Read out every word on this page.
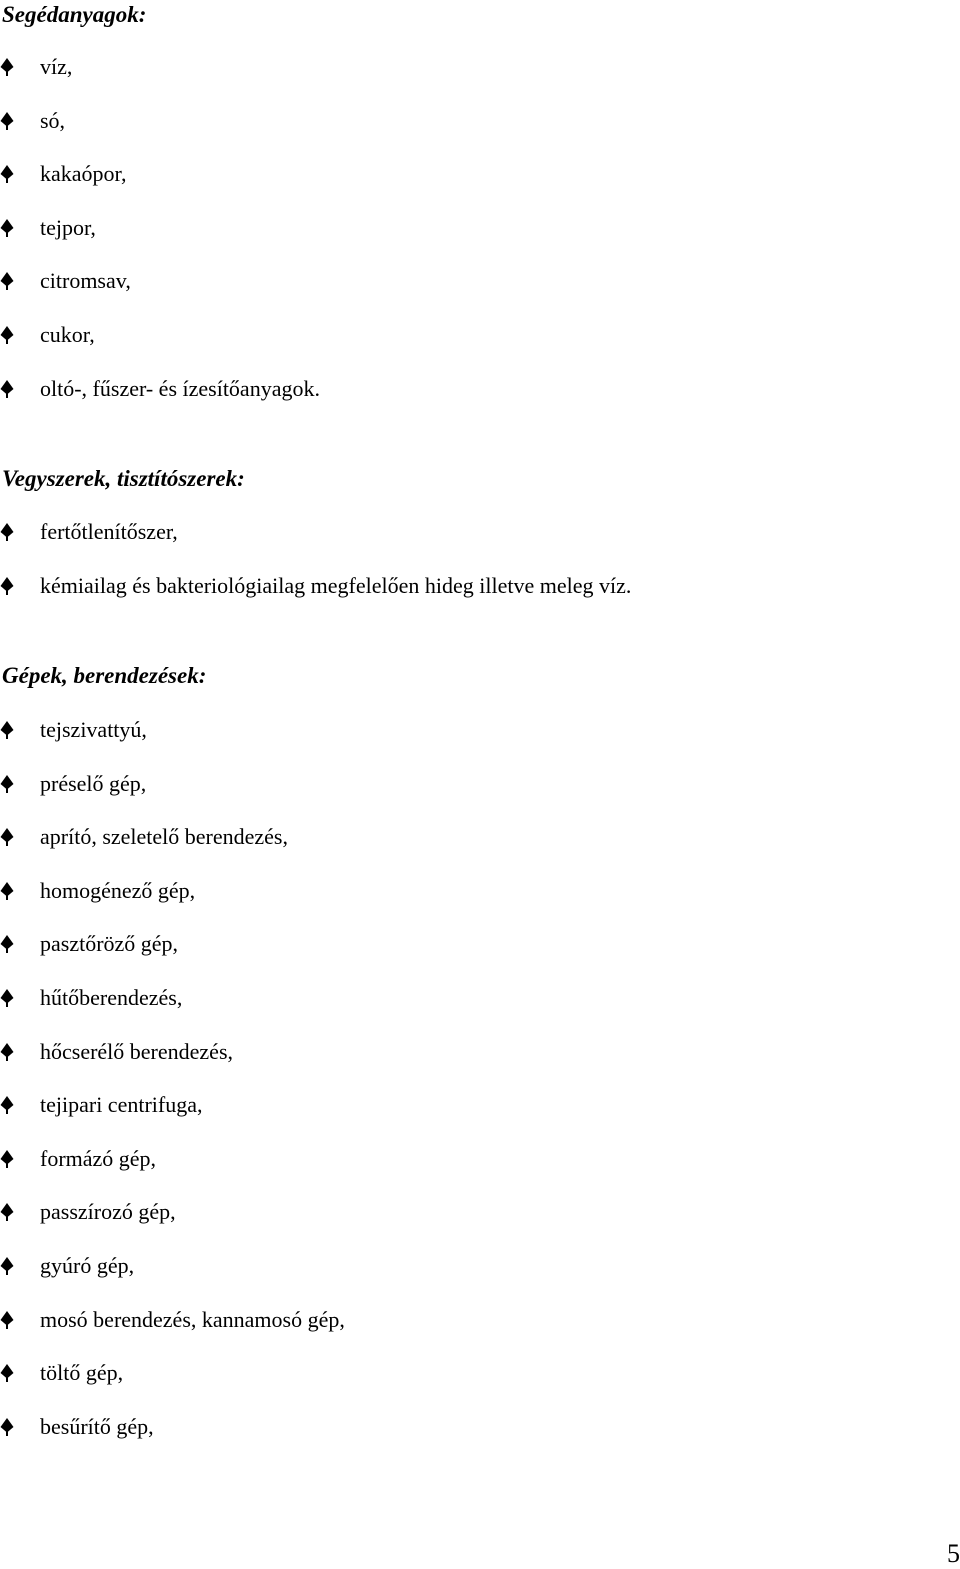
Segédanyagok:
víz,
só,
kakaópor,
tejpor,
citromsav,
cukor,
oltó-, fűszer- és ízesítőanyagok.
Vegyszerek, tisztítószerek:
fertőtlenítőszer,
kémiailag és bakteriológiailag megfelelően hideg illetve meleg víz.
Gépek, berendezések:
tejszivattyú,
préselő gép,
aprító, szeletelő berendezés,
homogénező gép,
pasztőröző gép,
hűtőberendezés,
hőcserélő berendezés,
tejipari centrifuga,
formázó gép,
passzírozó gép,
gyúró gép,
mosó berendezés, kannamosó gép,
töltő gép,
besűrítő gép,
5
